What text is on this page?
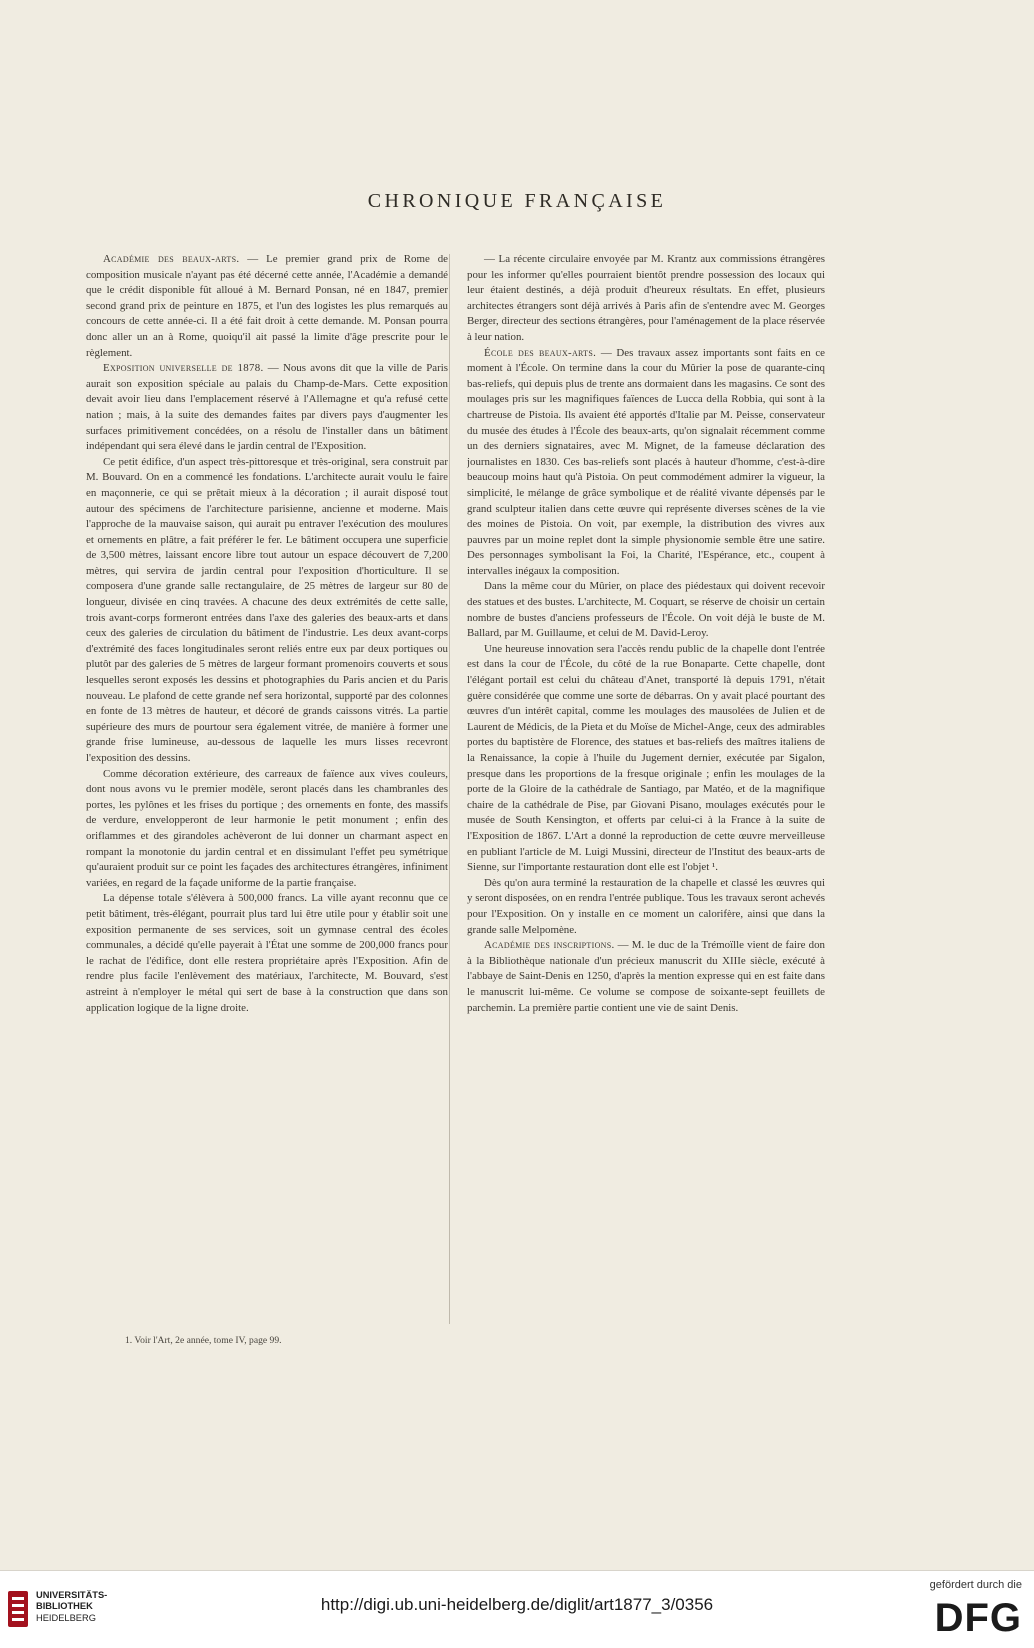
CHRONIQUE FRANÇAISE

Académie des beaux-arts. — Le premier grand prix de Rome de composition musicale n'ayant pas été décerné cette année, l'Académie a demandé que le crédit disponible fût alloué à M. Bernard Ponsan, né en 1847, premier second grand prix de peinture en 1875, et l'un des logistes les plus remarqués au concours de cette année-ci. Il a été fait droit à cette demande. M. Ponsan pourra donc aller un an à Rome, quoiqu'il ait passé la limite d'âge prescrite pour le règlement.

Exposition universelle de 1878. — Nous avons dit que la ville de Paris aurait son exposition spéciale au palais du Champ-de-Mars. Cette exposition devait avoir lieu dans l'emplacement réservé à l'Allemagne et qu'a refusé cette nation ; mais, à la suite des demandes faites par divers pays d'augmenter les surfaces primitivement concédées, on a résolu de l'installer dans un bâtiment indépendant qui sera élevé dans le jardin central de l'Exposition.

Ce petit édifice, d'un aspect très-pittoresque et très-original, sera construit par M. Bouvard. On en a commencé les fondations. L'architecte aurait voulu le faire en maçonnerie, ce qui se prêtait mieux à la décoration ; il aurait disposé tout autour des spécimens de l'architecture parisienne, ancienne et moderne. Mais l'approche de la mauvaise saison, qui aurait pu entraver l'exécution des moulures et ornements en plâtre, a fait préférer le fer. Le bâtiment occupera une superficie de 3,500 mètres, laissant encore libre tout autour un espace découvert de 7,200 mètres, qui servira de jardin central pour l'exposition d'horticulture. Il se composera d'une grande salle rectangulaire, de 25 mètres de largeur sur 80 de longueur, divisée en cinq travées. A chacune des deux extrémités de cette salle, trois avant-corps formeront entrées dans l'axe des galeries des beaux-arts et dans ceux des galeries de circulation du bâtiment de l'industrie. Les deux avant-corps d'extrémité des faces longitudinales seront reliés entre eux par deux portiques ou plutôt par des galeries de 5 mètres de largeur formant promenoirs couverts et sous lesquelles seront exposés les dessins et photographies du Paris ancien et du Paris nouveau. Le plafond de cette grande nef sera horizontal, supporté par des colonnes en fonte de 13 mètres de hauteur, et décoré de grands caissons vitrés. La partie supérieure des murs de pourtour sera également vitrée, de manière à former une grande frise lumineuse, au-dessous de laquelle les murs lisses recevront l'exposition des dessins.

Comme décoration extérieure, des carreaux de faïence aux vives couleurs, dont nous avons vu le premier modèle, seront placés dans les chambranles des portes, les pylônes et les frises du portique ; des ornements en fonte, des massifs de verdure, envelopperont de leur harmonie le petit monument ; enfin des oriflammes et des girandoles achèveront de lui donner un charmant aspect en rompant la monotonie du jardin central et en dissimulant l'effet peu symétrique qu'auraient produit sur ce point les façades des architectures étrangères, infiniment variées, en regard de la façade uniforme de la partie française.

La dépense totale s'élèvera à 500,000 francs. La ville ayant reconnu que ce petit bâtiment, très-élégant, pourrait plus tard lui être utile pour y établir soit une exposition permanente de ses services, soit un gymnase central des écoles communales, a décidé qu'elle payerait à l'État une somme de 200,000 francs pour le rachat de l'édifice, dont elle restera propriétaire après l'Exposition. Afin de rendre plus facile l'enlèvement des matériaux, l'architecte, M. Bouvard, s'est astreint à n'employer le métal qui sert de base à la construction que dans son application logique de la ligne droite.

— La récente circulaire envoyée par M. Krantz aux commissions étrangères pour les informer qu'elles pourraient bientôt prendre possession des locaux qui leur étaient destinés, a déjà produit d'heureux résultats. En effet, plusieurs architectes étrangers sont déjà arrivés à Paris afin de s'entendre avec M. Georges Berger, directeur des sections étrangères, pour l'aménagement de la place réservée à leur nation.

École des beaux-arts. — Des travaux assez importants sont faits en ce moment à l'École. On termine dans la cour du Mûrier la pose de quarante-cinq bas-reliefs, qui depuis plus de trente ans dormaient dans les magasins. Ce sont des moulages pris sur les magnifiques faïences de Lucca della Robbia, qui sont à la chartreuse de Pistoia. Ils avaient été apportés d'Italie par M. Peisse, conservateur du musée des études à l'École des beaux-arts, qu'on signalait récemment comme un des derniers signataires, avec M. Mignet, de la fameuse déclaration des journalistes en 1830. Ces bas-reliefs sont placés à hauteur d'homme, c'est-à-dire beaucoup moins haut qu'à Pistoia. On peut commodément admirer la vigueur, la simplicité, le mélange de grâce symbolique et de réalité vivante dépensés par le grand sculpteur italien dans cette œuvre qui représente diverses scènes de la vie des moines de Pistoia. On voit, par exemple, la distribution des vivres aux pauvres par un moine replet dont la simple physionomie semble être une satire. Des personnages symbolisant la Foi, la Charité, l'Espérance, etc., coupent à intervalles inégaux la composition.

Dans la même cour du Mûrier, on place des piédestaux qui doivent recevoir des statues et des bustes. L'architecte, M. Coquart, se réserve de choisir un certain nombre de bustes d'anciens professeurs de l'École. On voit déjà le buste de M. Ballard, par M. Guillaume, et celui de M. David-Leroy.

Une heureuse innovation sera l'accès rendu public de la chapelle dont l'entrée est dans la cour de l'École, du côté de la rue Bonaparte. Cette chapelle, dont l'élégant portail est celui du château d'Anet, transporté là depuis 1791, n'était guère considérée que comme une sorte de débarras. On y avait placé pourtant des œuvres d'un intérêt capital, comme les moulages des mausolées de Julien et de Laurent de Médicis, de la Pieta et du Moïse de Michel-Ange, ceux des admirables portes du baptistère de Florence, des statues et bas-reliefs des maîtres italiens de la Renaissance, la copie à l'huile du Jugement dernier, exécutée par Sigalon, presque dans les proportions de la fresque originale ; enfin les moulages de la porte de la Gloire de la cathédrale de Santiago, par Matéo, et de la magnifique chaire de la cathédrale de Pise, par Giovani Pisano, moulages exécutés pour le musée de South Kensington, et offerts par celui-ci à la France à la suite de l'Exposition de 1867. L'Art a donné la reproduction de cette œuvre merveilleuse en publiant l'article de M. Luigi Mussini, directeur de l'Institut des beaux-arts de Sienne, sur l'importante restauration dont elle est l'objet ¹.

Dès qu'on aura terminé la restauration de la chapelle et classé les œuvres qui y seront disposées, on en rendra l'entrée publique. Tous les travaux seront achevés pour l'Exposition. On y installe en ce moment un calorifère, ainsi que dans la grande salle Melpomène.

Académie des inscriptions. — M. le duc de la Trémoïlle vient de faire don à la Bibliothèque nationale d'un précieux manuscrit du XIIIe siècle, exécuté à l'abbaye de Saint-Denis en 1250, d'après la mention expresse qui en est faite dans le manuscrit lui-même. Ce volume se compose de soixante-sept feuillets de parchemin. La première partie contient une vie de saint Denis.

1. Voir l'Art, 2e année, tome IV, page 99.
UNIVERSITÄTS-
BIBLIOTHEK
HEIDELBERG
http://digi.ub.uni-heidelberg.de/diglit/art1877_3/0356
gefördert durch die
DFG
